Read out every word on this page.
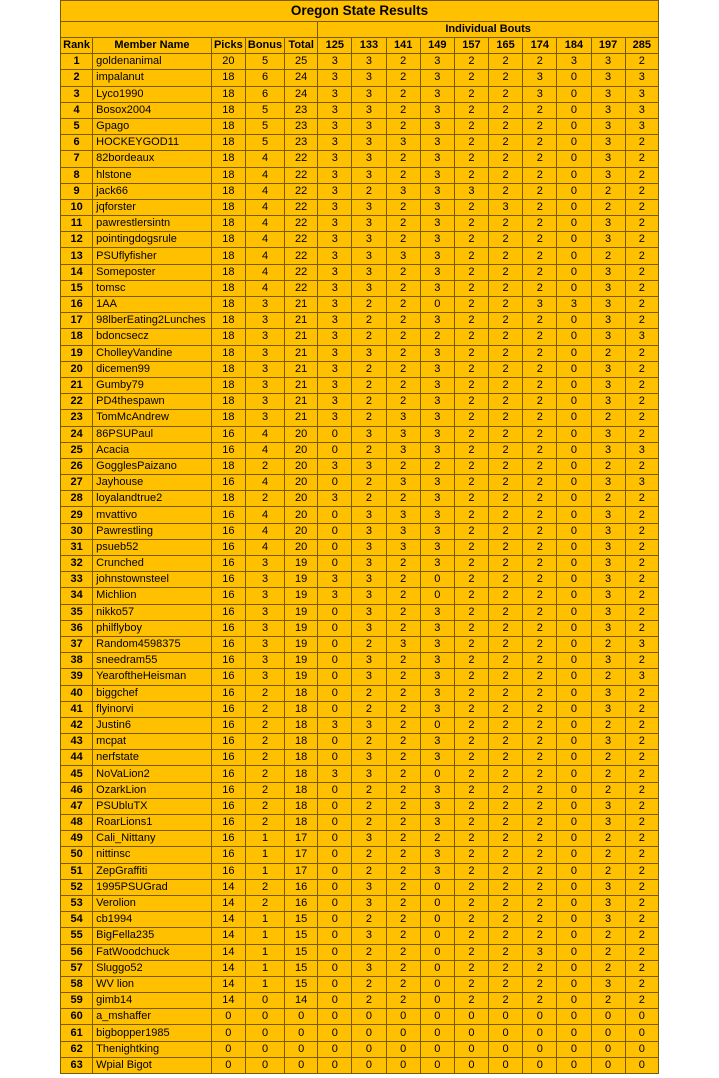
Oregon State Results														
					Individual Bouts									
Rank	Member Name	Picks	Bonus	Total	125	133	141	149	157	165	174	184	197	285
1	goldenanimal	20	5	25	3	3	2	3	2	2	2	3	3	2
2	impalanut	18	6	24	3	3	2	3	2	2	3	0	3	3
3	Lyco1990	18	6	24	3	3	2	3	2	2	3	0	3	3
4	Bosox2004	18	5	23	3	3	2	3	2	2	2	0	3	3
5	Gpago	18	5	23	3	3	2	3	2	2	2	0	3	3
6	HOCKEYGOD11	18	5	23	3	3	3	3	2	2	2	0	3	2
7	82bordeaux	18	4	22	3	3	2	3	2	2	2	0	3	2
8	hlstone	18	4	22	3	3	2	3	2	2	2	0	3	2
9	jack66	18	4	22	3	2	3	3	3	2	2	0	2	2
10	jqforster	18	4	22	3	3	2	3	2	3	2	0	2	2
11	pawrestlersintn	18	4	22	3	3	2	3	2	2	2	0	3	2
12	pointingdogsrule	18	4	22	3	3	2	3	2	2	2	0	3	2
13	PSUflyfisher	18	4	22	3	3	3	3	2	2	2	0	2	2
14	Someposter	18	4	22	3	3	2	3	2	2	2	0	3	2
15	tomsc	18	4	22	3	3	2	3	2	2	2	0	3	2
16	1AA	18	3	21	3	2	2	0	2	2	3	3	3	2
17	98lberEating2Lunches	18	3	21	3	2	2	3	2	2	2	0	3	2
18	bdoncsecz	18	3	21	3	2	2	2	2	2	2	0	3	3
19	CholleyVandine	18	3	21	3	3	2	3	2	2	2	0	2	2
20	dicemen99	18	3	21	3	2	2	3	2	2	2	0	3	2
21	Gumby79	18	3	21	3	2	2	3	2	2	2	0	3	2
22	PD4thespawn	18	3	21	3	2	2	3	2	2	2	0	3	2
23	TomMcAndrew	18	3	21	3	2	3	3	2	2	2	0	2	2
24	86PSUPaul	16	4	20	0	3	3	3	2	2	2	0	3	2
25	Acacia	16	4	20	0	2	3	3	2	2	2	0	3	3
26	GogglesPaizano	18	2	20	3	3	2	2	2	2	2	0	2	2
27	Jayhouse	16	4	20	0	2	3	3	2	2	2	0	3	3
28	loyalandtrue2	18	2	20	3	2	2	3	2	2	2	0	2	2
29	mvattivo	16	4	20	0	3	3	3	2	2	2	0	3	2
30	Pawrestling	16	4	20	0	3	3	3	2	2	2	0	3	2
31	psueb52	16	4	20	0	3	3	3	2	2	2	0	3	2
32	Crunched	16	3	19	0	3	2	3	2	2	2	0	3	2
33	johnstownsteel	16	3	19	3	3	2	0	2	2	2	0	3	2
34	Michlion	16	3	19	3	3	2	0	2	2	2	0	3	2
35	nikko57	16	3	19	0	3	2	3	2	2	2	0	3	2
36	philflyboy	16	3	19	0	3	2	3	2	2	2	0	3	2
37	Random4598375	16	3	19	0	2	3	3	2	2	2	0	2	3
38	sneedram55	16	3	19	0	3	2	3	2	2	2	0	3	2
39	YearoftheHeisman	16	3	19	0	3	2	3	2	2	2	0	2	3
40	biggchef	16	2	18	0	2	2	3	2	2	2	0	3	2
41	flyinorvi	16	2	18	0	2	2	3	2	2	2	0	3	2
42	Justin6	16	2	18	3	3	2	0	2	2	2	0	2	2
43	mcpat	16	2	18	0	2	2	3	2	2	2	0	3	2
44	nerfstate	16	2	18	0	3	2	3	2	2	2	0	2	2
45	NoVaLion2	16	2	18	3	3	2	0	2	2	2	0	2	2
46	OzarkLion	16	2	18	0	2	2	3	2	2	2	0	2	2
47	PSUbluTX	16	2	18	0	2	2	3	2	2	2	0	3	2
48	RoarLions1	16	2	18	0	2	2	3	2	2	2	0	3	2
49	Cali_Nittany	16	1	17	0	3	2	2	2	2	2	0	2	2
50	nittinsc	16	1	17	0	2	2	3	2	2	2	0	2	2
51	ZepGraffiti	16	1	17	0	2	2	3	2	2	2	0	2	2
52	1995PSUGrad	14	2	16	0	3	2	0	2	2	2	0	3	2
53	Verolion	14	2	16	0	3	2	0	2	2	2	0	3	2
54	cb1994	14	1	15	0	2	2	0	2	2	2	0	3	2
55	BigFella235	14	1	15	0	3	2	0	2	2	2	0	2	2
56	FatWoodchuck	14	1	15	0	2	2	0	2	2	3	0	2	2
57	Sluggo52	14	1	15	0	3	2	0	2	2	2	0	2	2
58	WV lion	14	1	15	0	2	2	0	2	2	2	0	3	2
59	gimb14	14	0	14	0	2	2	0	2	2	2	0	2	2
60	a_mshaffer	0	0	0	0	0	0	0	0	0	0	0	0	0
61	bigbopper1985	0	0	0	0	0	0	0	0	0	0	0	0	0
62	Thenightking	0	0	0	0	0	0	0	0	0	0	0	0	0
63	Wpial Bigot	0	0	0	0	0	0	0	0	0	0	0	0	0
